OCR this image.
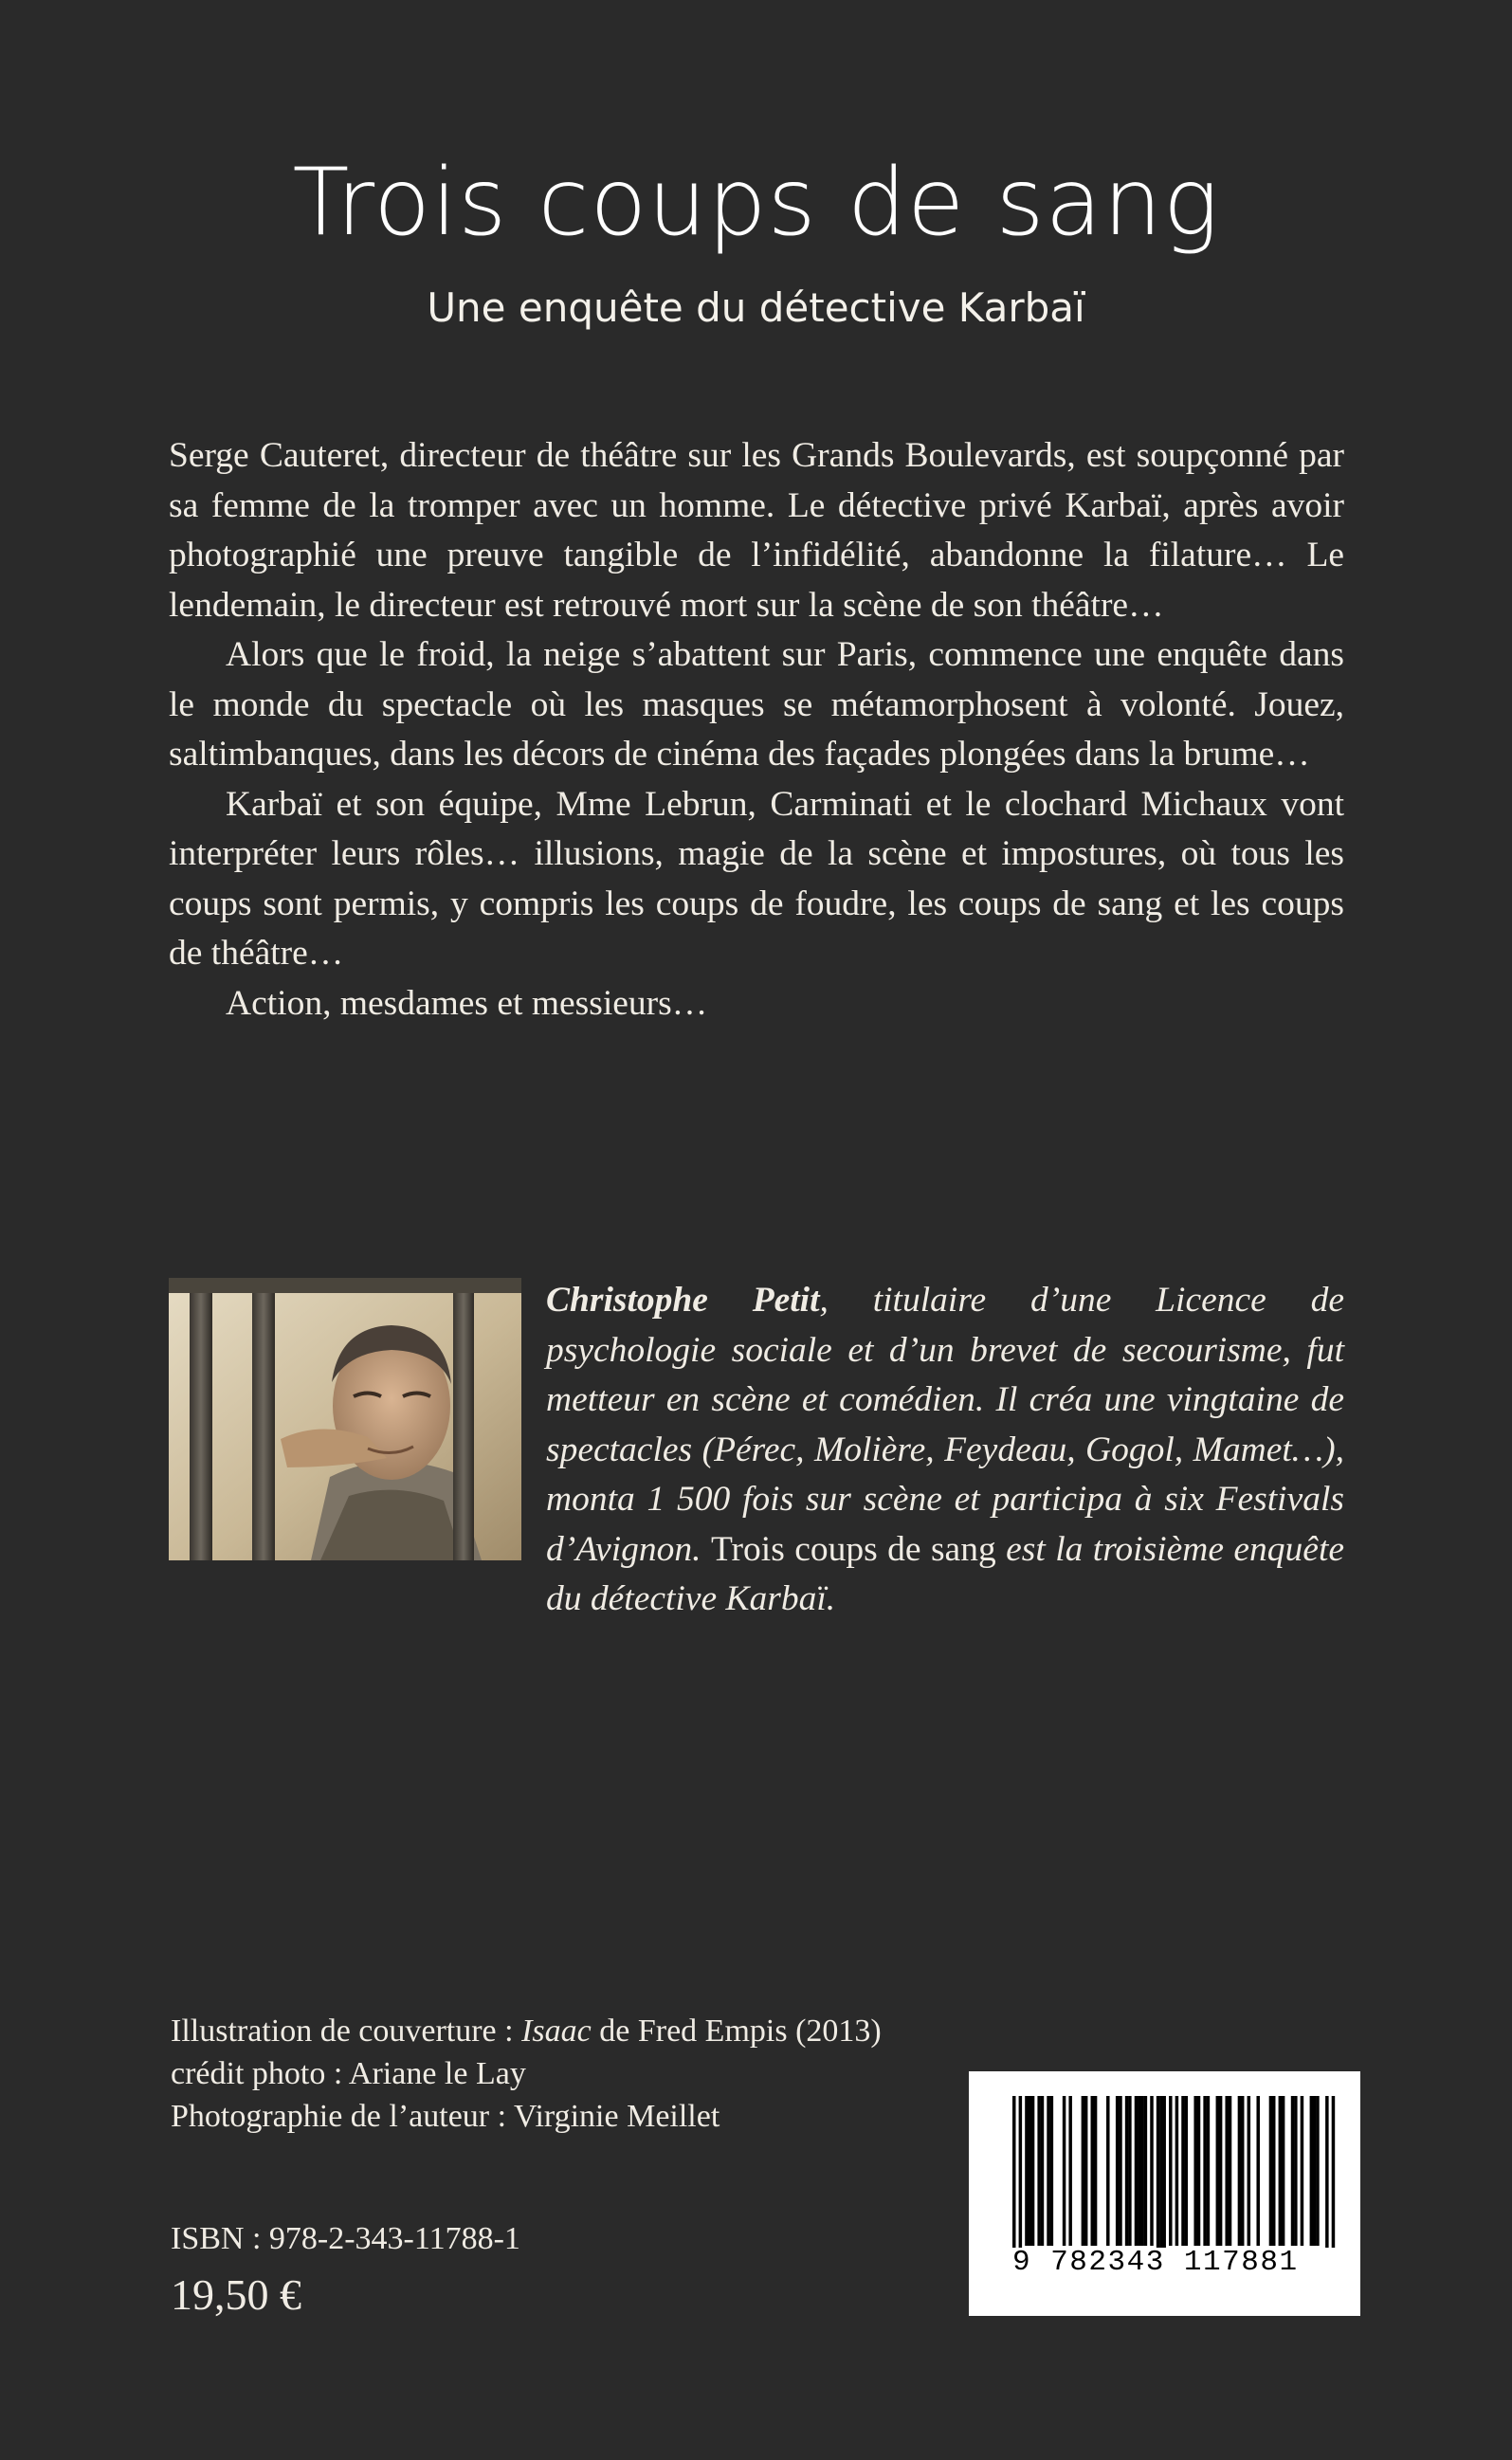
Trois coups de sang
Une enquête du détective Karbaï

Serge Cauteret, directeur de théâtre sur les Grands Boulevards, est soupçonné par sa femme de la tromper avec un homme. Le détective privé Karbaï, après avoir photographié une preuve tangible de l’infidélité, abandonne la filature… Le lendemain, le directeur est retrouvé mort sur la scène de son théâtre…

Alors que le froid, la neige s’abattent sur Paris, commence une enquête dans le monde du spectacle où les masques se métamorphosent à volonté. Jouez, saltimbanques, dans les décors de cinéma des façades plongées dans la brume…

Karbaï et son équipe, Mme Lebrun, Carminati et le clochard Michaux vont interpréter leurs rôles… illusions, magie de la scène et impostures, où tous les coups sont permis, y compris les coups de foudre, les coups de sang et les coups de théâtre…

Action, mesdames et messieurs…

Christophe Petit, titulaire d’une Licence de psychologie sociale et d’un brevet de secourisme, fut metteur en scène et comédien. Il créa une vingtaine de spectacles (Pérec, Molière, Feydeau, Gogol, Mamet…), monta 1 500 fois sur scène et participa à six Festivals d’Avignon. Trois coups de sang est la troisième enquête du détective Karbaï.
Illustration de couverture : Isaac de Fred Empis (2013)
crédit photo : Ariane le Lay
Photographie de l’auteur : Virginie Meillet
ISBN : 978-2-343-11788-1
19,50 €
9 782343 117881
